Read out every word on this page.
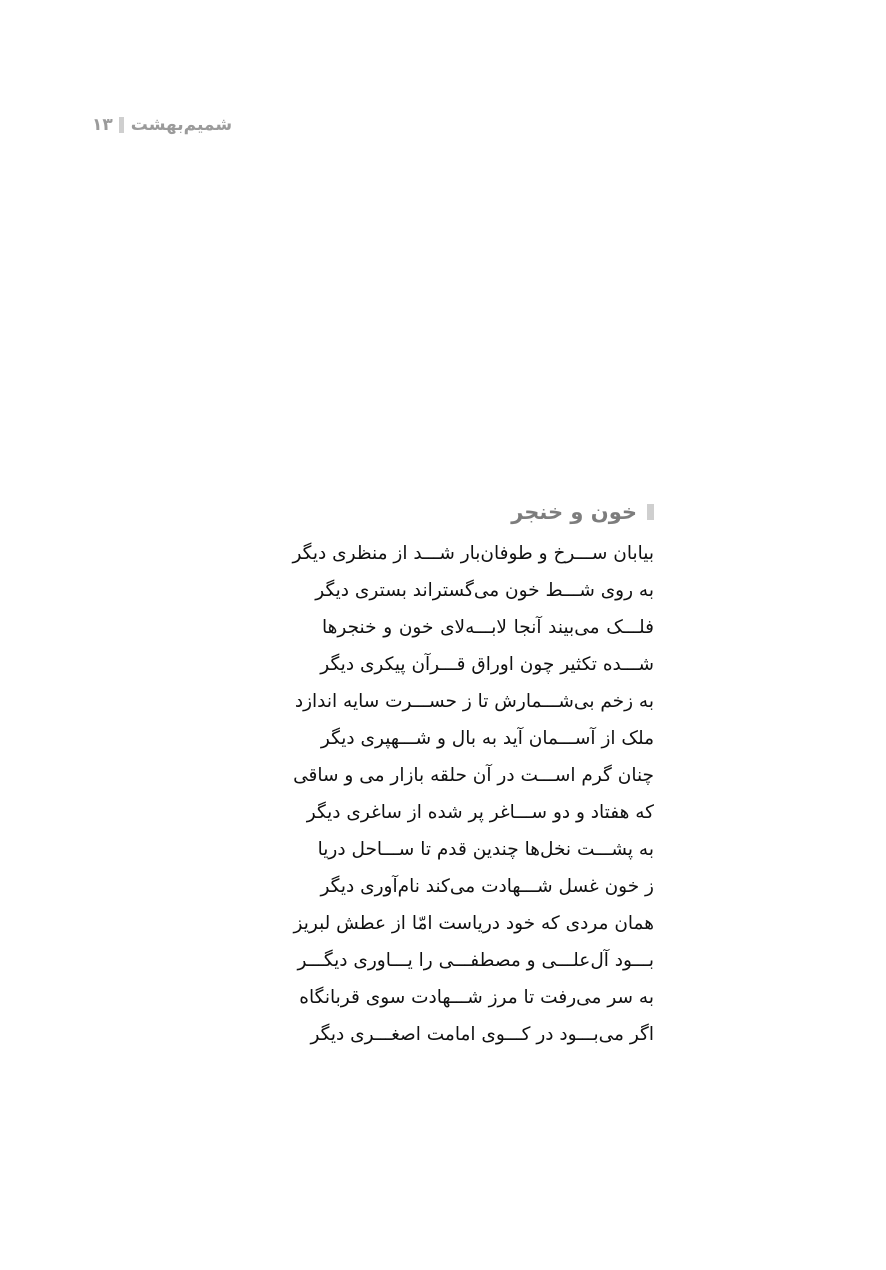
۱۳ شمیم‌بهشت
خون و خنجر
بیابان ســـرخ و طوفان‌بار شـــد از منظری دیگر
به روی شـــط خون می‌گستراند بستری دیگر
فلـــک می‌بیند آنجا لابـــه‌لای خون و خنجرها
شـــده تکثیر چون اوراق قـــرآن پیکری دیگر
به زخم بی‌شـــمارش تا ز حســـرت سایه اندازد
ملک از آســـمان آید به بال و شـــهپری دیگر
چنان گرم اســـت در آن حلقه بازار می و ساقی
که هفتاد و دو ســـاغر پر شده از ساغری دیگر
به پشـــت نخل‌ها چندین قدم تا ســـاحل دریا
ز خون غسل شـــهادت می‌کند نام‌آوری دیگر
همان مردی که خود دریاست امّا از عطش لبریز
بـــود آل‌علـــی و مصطفـــی را یـــاوری دیگـــر
به سر می‌رفت تا مرز شـــهادت سوی قربانگاه
اگر می‌بـــود در کـــوی امامت اصغـــری دیگر
